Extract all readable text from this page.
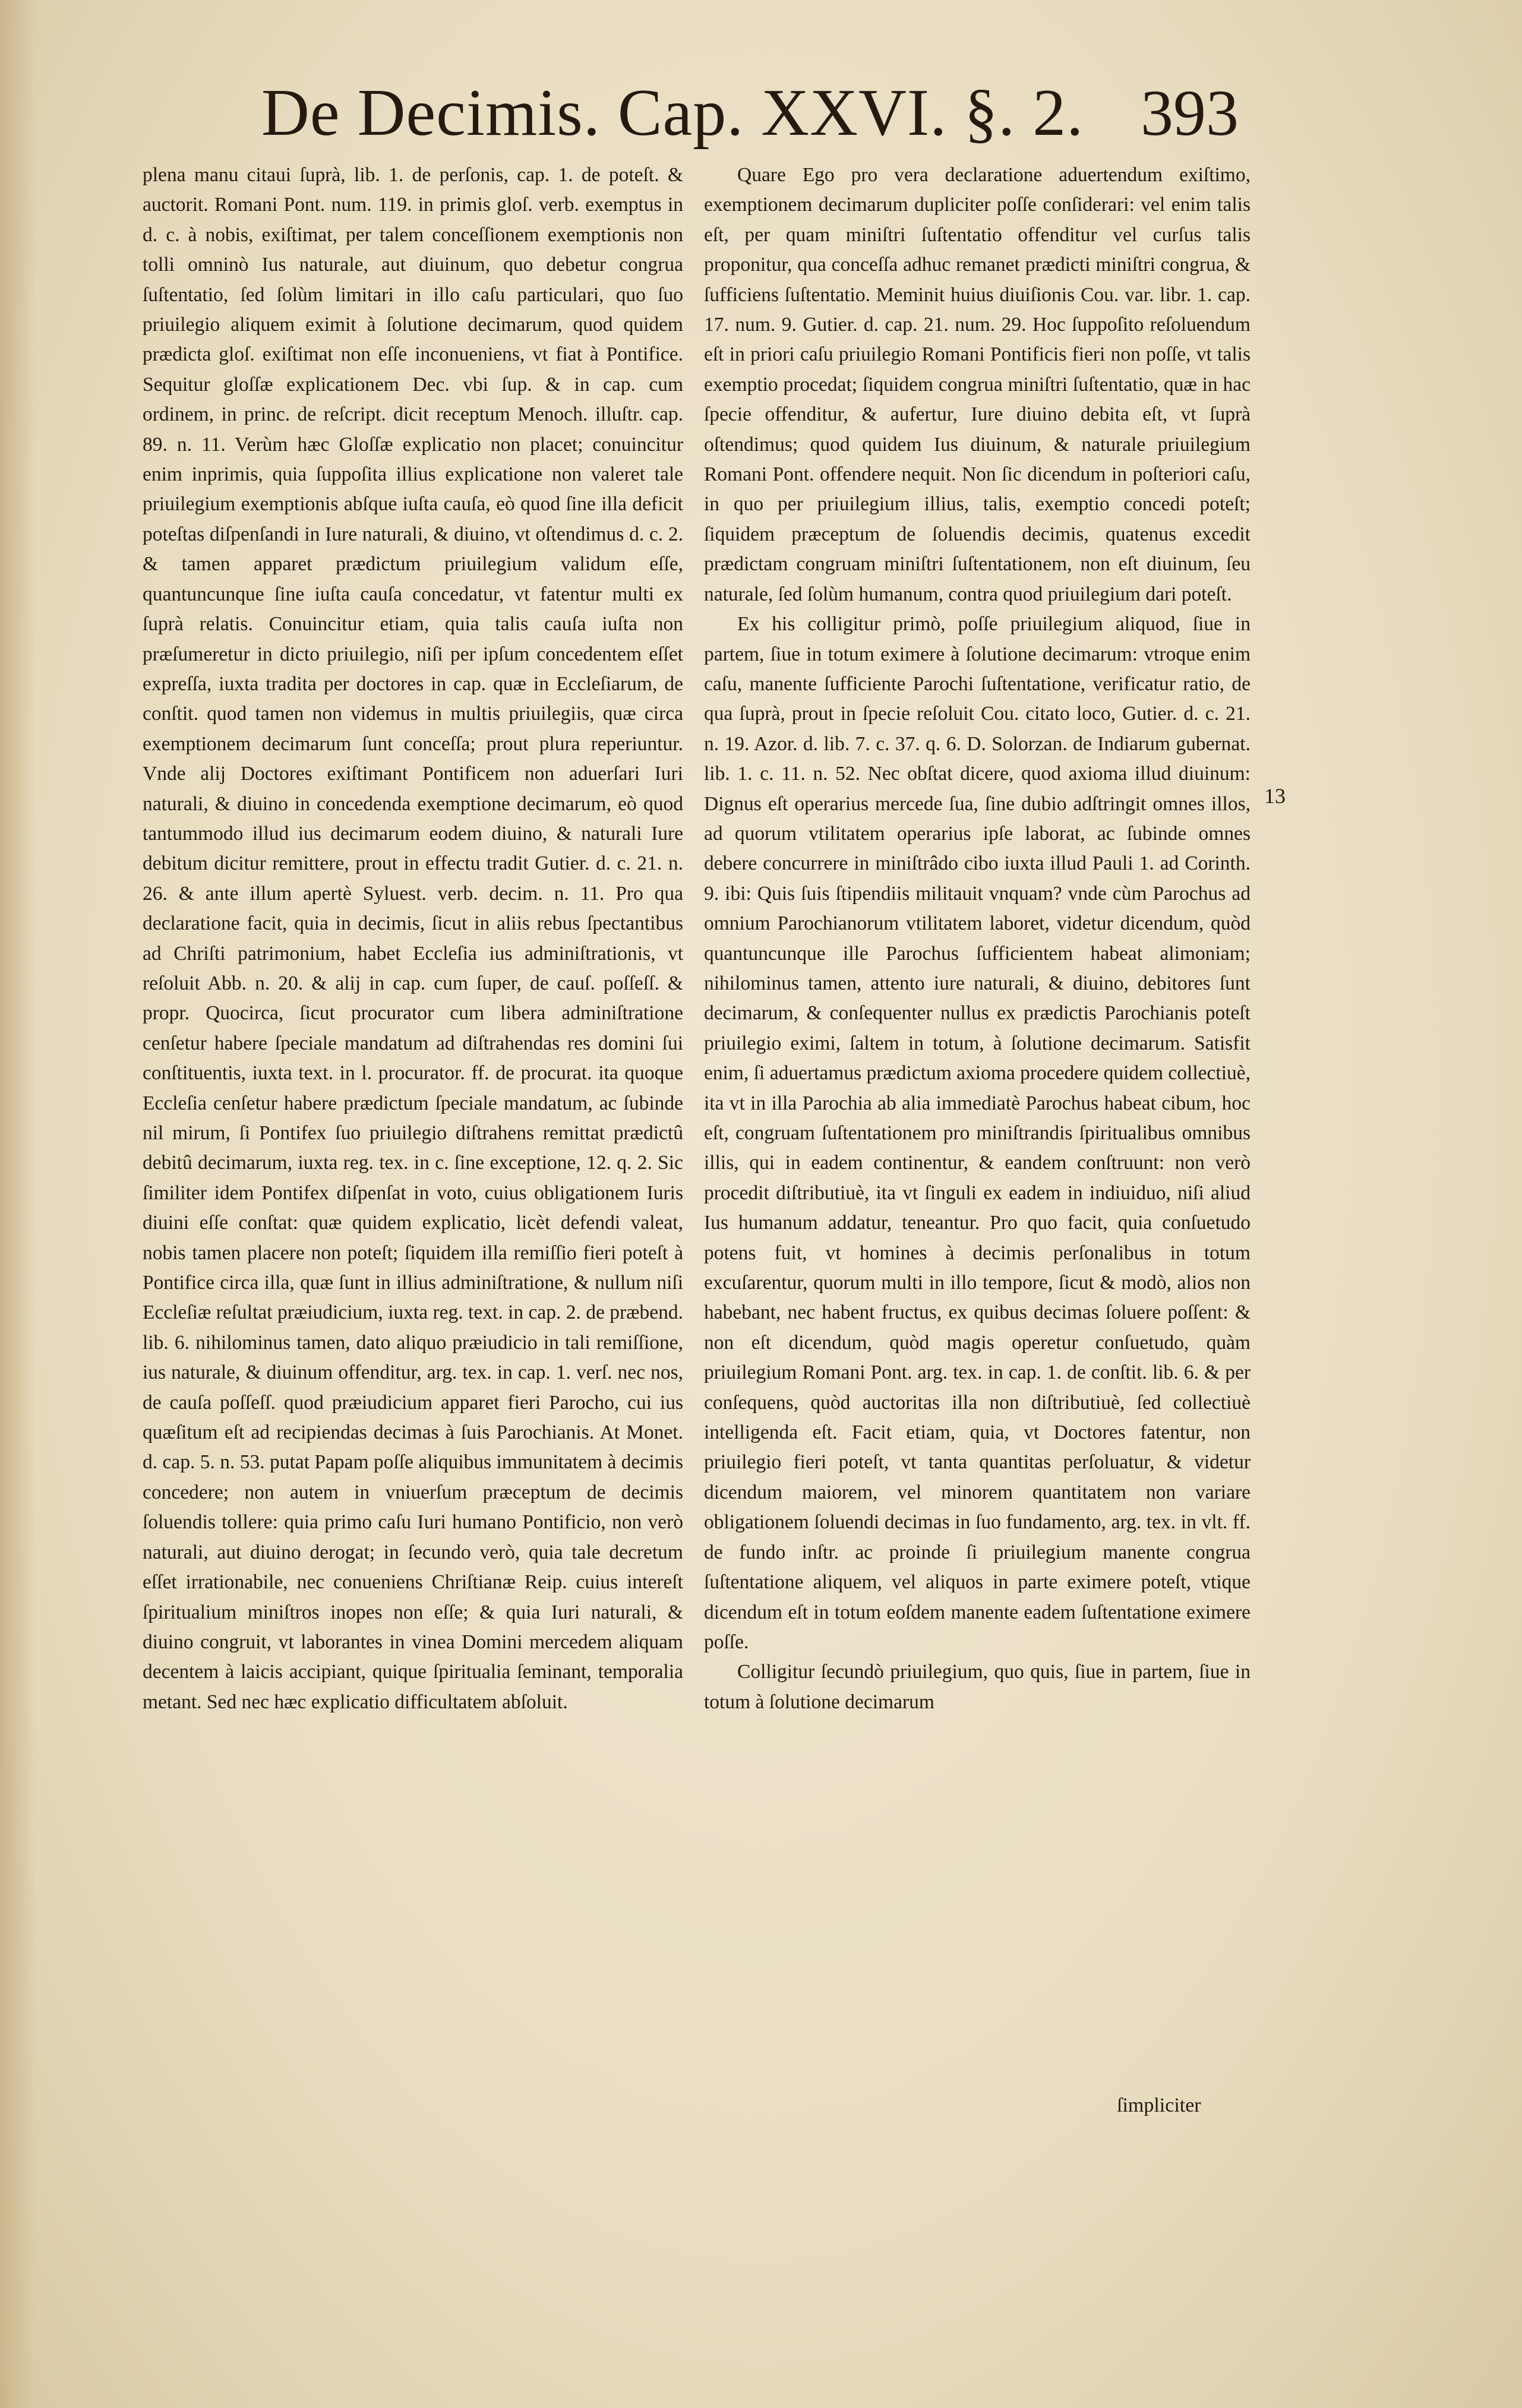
De Decimis. Cap. XXVI. §. 2. 393

plena manu citaui ſuprà, lib. 1. de perſonis, cap. 1. de poteſt. & auctorit. Romani Pont. num. 119. in primis gloſ. verb. exemptus in d. c. à nobis, exiſtimat, per talem conceſſionem exemptionis non tolli omninò Ius naturale, aut diuinum, quo debetur congrua ſuſtentatio, ſed ſolùm limitari in illo caſu particulari, quo ſuo priuilegio aliquem eximit à ſolutione decimarum, quod quidem prædicta gloſ. exiſtimat non eſſe inconueniens, vt fiat à Pontifice. Sequitur gloſſæ explicationem Dec. vbi ſup. & in cap. cum ordinem, in princ. de reſcript. dicit receptum Menoch. illuſtr. cap. 89. n. 11. Verùm hæc Gloſſæ explicatio non placet; conuincitur enim inprimis, quia ſuppoſita illius explicatione non valeret tale priuilegium exemptionis abſque iuſta cauſa, eò quod ſine illa deficit poteſtas diſpenſandi in Iure naturali, & diuino, vt oſtendimus d. c. 2. & tamen apparet prædictum priuilegium validum eſſe, quantuncunque ſine iuſta cauſa concedatur, vt fatentur multi ex ſuprà relatis. Conuincitur etiam, quia talis cauſa iuſta non præſumeretur in dicto priuilegio, niſi per ipſum concedentem eſſet expreſſa, iuxta tradita per doctores in cap. quæ in Eccleſiarum, de conſtit. quod tamen non videmus in multis priuilegiis, quæ circa exemptionem decimarum ſunt conceſſa; prout plura reperiuntur. Vnde alij Doctores exiſtimant Pontificem non aduerſari Iuri naturali, & diuino in concedenda exemptione decimarum, eò quod tantummodo illud ius decimarum eodem diuino, & naturali Iure debitum dicitur remittere, prout in effectu tradit Gutier. d. c. 21. n. 26. & ante illum apertè Syluest. verb. decim. n. 11. Pro qua declaratione facit, quia in decimis, ſicut in aliis rebus ſpectantibus ad Chriſti patrimonium, habet Eccleſia ius adminiſtrationis, vt reſoluit Abb. n. 20. & alij in cap. cum ſuper, de cauſ. poſſeſſ. & propr. Quocirca, ſicut procurator cum libera adminiſtratione cenſetur habere ſpeciale mandatum ad diſtrahendas res domini ſui conſtituentis, iuxta text. in l. procurator. ff. de procurat. ita quoque Eccleſia cenſetur habere prædictum ſpeciale mandatum, ac ſubinde nil mirum, ſi Pontifex ſuo priuilegio diſtrahens remittat prædictû debitû decimarum, iuxta reg. tex. in c. ſine exceptione, 12. q. 2. Sic ſimiliter idem Pontifex diſpenſat in voto, cuius obligationem Iuris diuini eſſe conſtat: quæ quidem explicatio, licèt defendi valeat, nobis tamen placere non poteſt; ſiquidem illa remiſſio fieri poteſt à Pontifice circa illa, quæ ſunt in illius adminiſtratione, & nullum niſi Eccleſiæ reſultat præiudicium, iuxta reg. text. in cap. 2. de præbend. lib. 6. nihilominus tamen, dato aliquo præiudicio in tali remiſſione, ius naturale, & diuinum offenditur, arg. tex. in cap. 1. verſ. nec nos, de cauſa poſſeſſ. quod præiudicium apparet fieri Parocho, cui ius quæſitum eſt ad recipiendas decimas à ſuis Parochianis. At Monet. d. cap. 5. n. 53. putat Papam poſſe aliquibus immunitatem à decimis concedere; non autem in vniuerſum præceptum de decimis ſoluendis tollere: quia primo caſu Iuri humano Pontificio, non verò naturali, aut diuino derogat; in ſecundo verò, quia tale decretum eſſet irrationabile, nec conueniens Chriſtianæ Reip. cuius intereſt ſpiritualium miniſtros inopes non eſſe; & quia Iuri naturali, & diuino congruit, vt laborantes in vinea Domini mercedem aliquam decentem à laicis accipiant, quique ſpiritualia ſeminant, temporalia metant. Sed nec hæc explicatio difficultatem abſoluit.

Quare Ego pro vera declaratione aduertendum exiſtimo, exemptionem decimarum dupliciter poſſe conſiderari: vel enim talis eſt, per quam miniſtri ſuſtentatio offenditur vel curſus talis proponitur, qua conceſſa adhuc remanet prædicti miniſtri congrua, & ſufficiens ſuſtentatio. Meminit huius diuiſionis Cou. var. libr. 1. cap. 17. num. 9. Gutier. d. cap. 21. num. 29. Hoc ſuppoſito reſoluendum eſt in priori caſu priuilegio Romani Pontificis fieri non poſſe, vt talis exemptio procedat; ſiquidem congrua miniſtri ſuſtentatio, quæ in hac ſpecie offenditur, & aufertur, Iure diuino debita eſt, vt ſuprà oſtendimus; quod quidem Ius diuinum, & naturale priuilegium Romani Pont. offendere nequit. Non ſic dicendum in poſteriori caſu, in quo per priuilegium illius, talis, exemptio concedi poteſt; ſiquidem præceptum de ſoluendis decimis, quatenus excedit prædictam congruam miniſtri ſuſtentationem, non eſt diuinum, ſeu naturale, ſed ſolùm humanum, contra quod priuilegium dari poteſt.

Ex his colligitur primò, poſſe priuilegium aliquod, ſiue in partem, ſiue in totum eximere à ſolutione decimarum: vtroque enim caſu, manente ſufficiente Parochi ſuſtentatione, verificatur ratio, de qua ſuprà, prout in ſpecie reſoluit Cou. citato loco, Gutier. d. c. 21. n. 19. Azor. d. lib. 7. c. 37. q. 6. D. Solorzan. de Indiarum gubernat. lib. 1. c. 11. n. 52. Nec obſtat dicere, quod axioma illud diuinum: Dignus eſt operarius mercede ſua, ſine dubio adſtringit omnes illos, ad quorum vtilitatem operarius ipſe laborat, ac ſubinde omnes debere concurrere in miniſtrâdo cibo iuxta illud Pauli 1. ad Corinth. 9. ibi: Quis ſuis ſtipendiis militauit vnquam? vnde cùm Parochus ad omnium Parochianorum vtilitatem laboret, videtur dicendum, quòd quantuncunque ille Parochus ſufficientem habeat alimoniam; nihilominus tamen, attento iure naturali, & diuino, debitores ſunt decimarum, & conſequenter nullus ex prædictis Parochianis poteſt priuilegio eximi, ſaltem in totum, à ſolutione decimarum. Satisfit enim, ſi aduertamus prædictum axioma procedere quidem collectiuè, ita vt in illa Parochia ab alia immediatè Parochus habeat cibum, hoc eſt, congruam ſuſtentationem pro miniſtrandis ſpiritualibus omnibus illis, qui in eadem continentur, & eandem conſtruunt: non verò procedit diſtributiuè, ita vt ſinguli ex eadem in indiuiduo, niſi aliud Ius humanum addatur, teneantur. Pro quo facit, quia conſuetudo potens fuit, vt homines à decimis perſonalibus in totum excuſarentur, quorum multi in illo tempore, ſicut & modò, alios non habebant, nec habent fructus, ex quibus decimas ſoluere poſſent: & non eſt dicendum, quòd magis operetur conſuetudo, quàm priuilegium Romani Pont. arg. tex. in cap. 1. de conſtit. lib. 6. & per conſequens, quòd auctoritas illa non diſtributiuè, ſed collectiuè intelligenda eſt. Facit etiam, quia, vt Doctores fatentur, non priuilegio fieri poteſt, vt tanta quantitas perſoluatur, & videtur dicendum maiorem, vel minorem quantitatem non variare obligationem ſoluendi decimas in ſuo fundamento, arg. tex. in vlt. ff. de fundo inſtr. ac proinde ſi priuilegium manente congrua ſuſtentatione aliquem, vel aliquos in parte eximere poteſt, vtique dicendum eſt in totum eoſdem manente eadem ſuſtentatione eximere poſſe.

Colligitur ſecundò priuilegium, quo quis, ſiue in partem, ſiue in totum à ſolutione decimarum

13
ſimpliciter
